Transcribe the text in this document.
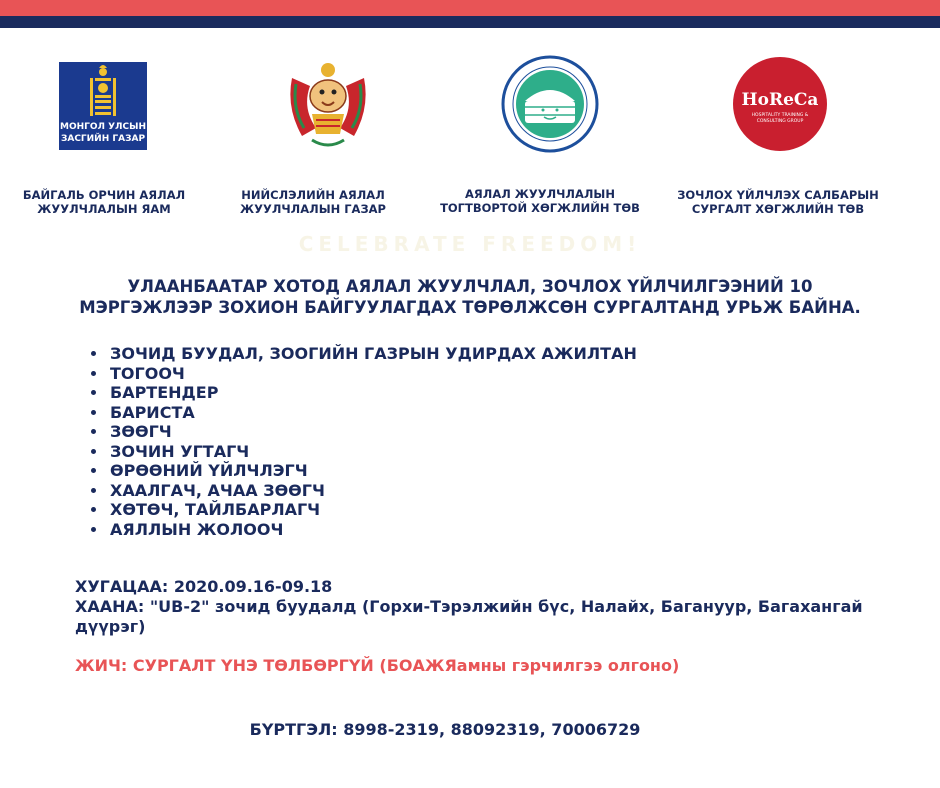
МОНГОЛ УЛСЫН
ЗАСГИЙН ГАЗАР
HoReCa
HOSPITALITY TRAINING & CONSULTING GROUP
БАЙГАЛЬ ОРЧИН АЯЛАЛ
ЖУУЛЧЛАЛЫН ЯАМ
НИЙСЛЭЛИЙН АЯЛАЛ
ЖУУЛЧЛАЛЫН ГАЗАР
АЯЛАЛ ЖУУЛЧЛАЛЫН
ТОГТВОРТОЙ ХӨГЖЛИЙН ТӨВ
ЗОЧЛОХ ҮЙЛЧЛЭХ САЛБАРЫН
СУРГАЛТ ХӨГЖЛИЙН ТӨВ
CELEBRATE FREEDOM!
УЛААНБААТАР ХОТОД АЯЛАЛ ЖУУЛЧЛАЛ, ЗОЧЛОХ ҮЙЛЧИЛГЭЭНИЙ 10
МЭРГЭЖЛЭЭР ЗОХИОН БАЙГУУЛАГДАХ ТӨРӨЛЖСӨН СУРГАЛТАНД УРЬЖ БАЙНА.
• ЗОЧИД БУУДАЛ, ЗООГИЙН ГАЗРЫН УДИРДАХ АЖИЛТАН
• ТОГООЧ
• БАРТЕНДЕР
• БАРИСТА
• ЗӨӨГЧ
• ЗОЧИН УГТАГЧ
• ӨРӨӨНИЙ ҮЙЛЧЛЭГЧ
• ХААЛГАЧ, АЧАА ЗӨӨГЧ
• ХӨТӨЧ, ТАЙЛБАРЛАГЧ
• АЯЛЛЫН ЖОЛООЧ
ХУГАЦАА: 2020.09.16-09.18
ХААНА: "UB-2" зочид буудалд (Горхи-Тэрэлжийн бүс, Налайх, Багануур, Багахангай
дүүрэг)
ЖИЧ: СУРГАЛТ ҮНЭ ТӨЛБӨРГҮЙ (БОАЖЯамны гэрчилгээ олгоно)
БҮРТГЭЛ: 8998-2319, 88092319, 70006729
